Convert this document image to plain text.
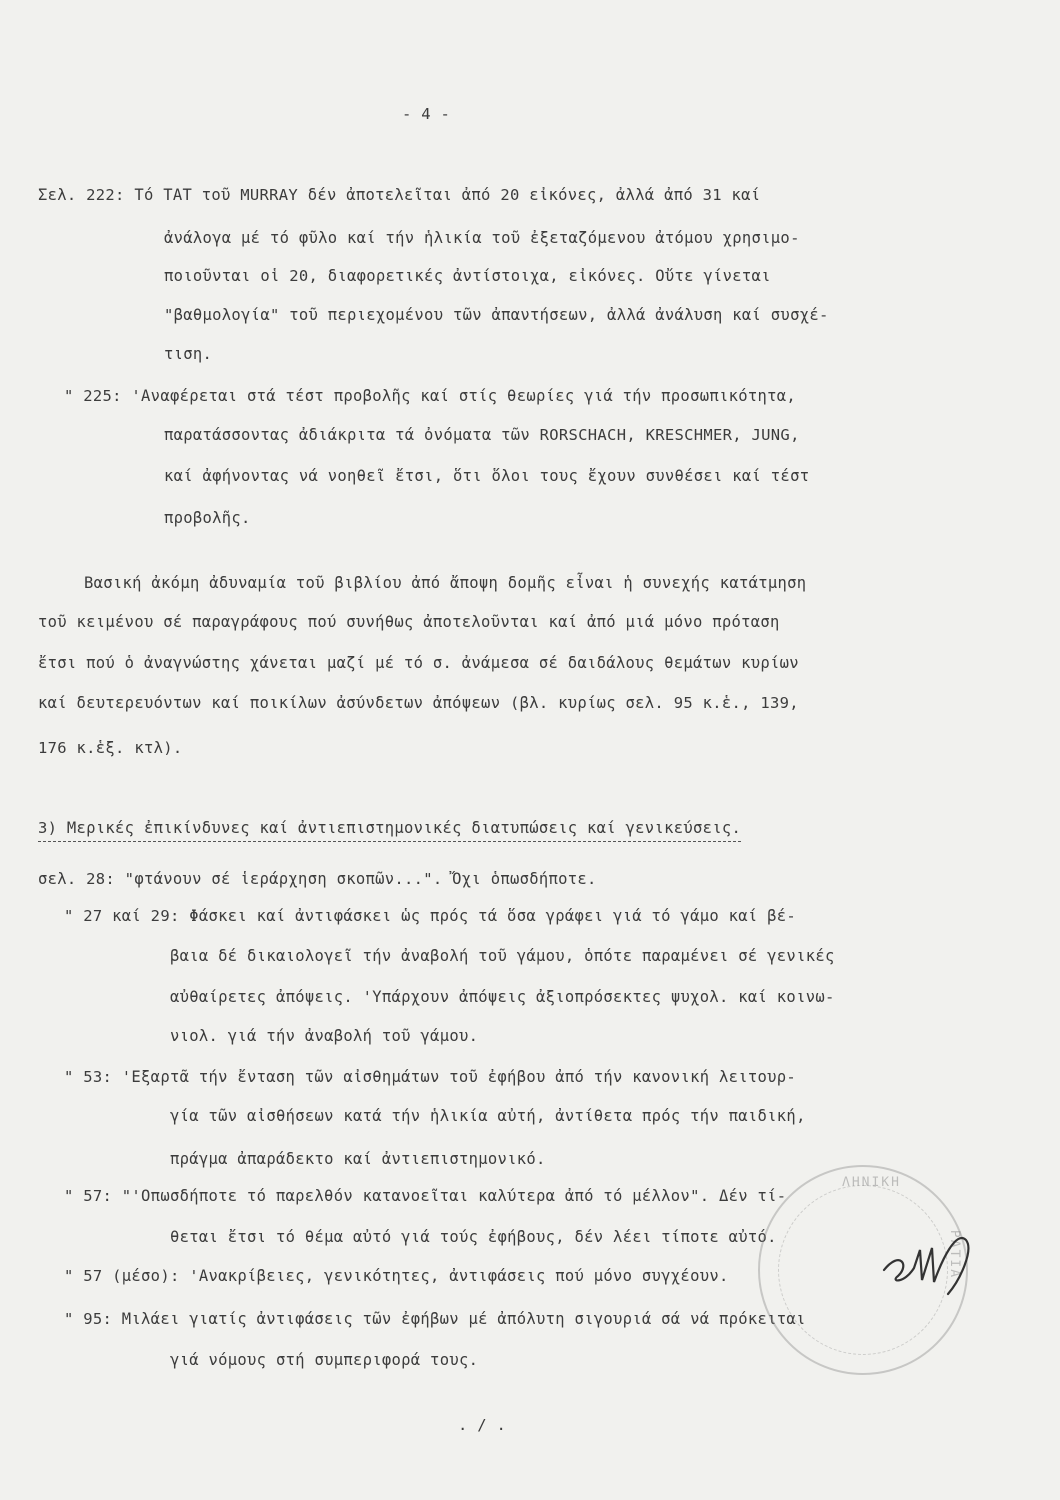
- 4 -
Σελ. 222: Τό ΤΑΤ τοῦ MURRAY δέν ἀποτελεῖται ἀπό 20 εἰκόνες, ἀλλά ἀπό 31 καί
ἀνάλογα μέ τό φῦλο καί τήν ἡλικία τοῦ ἐξεταζόμενου ἀτόμου χρησιμο-
ποιοῦνται οἱ 20, διαφορετικές ἀντίστοιχα, εἰκόνες. Οὔτε γίνεται
"βαθμολογία" τοῦ περιεχομένου τῶν ἀπαντήσεων, ἀλλά ἀνάλυση καί συσχέ-
τιση.
" 225: 'Αναφέρεται στά τέστ προβολῆς καί στίς θεωρίες γιά τήν προσωπικότητα,
παρατάσσοντας ἀδιάκριτα τά ὀνόματα τῶν RORSCHACH, KRESCHMER, JUNG,
καί ἀφήνοντας νά νοηθεῖ ἔτσι, ὅτι ὅλοι τους ἔχουν συνθέσει καί τέστ
προβολῆς.
Βασική ἀκόμη ἀδυναμία τοῦ βιβλίου ἀπό ἄποψη δομῆς εἶναι ἡ συνεχής κατάτμηση
τοῦ κειμένου σέ παραγράφους πού συνήθως ἀποτελοῦνται καί ἀπό μιά μόνο πρόταση
ἔτσι πού ὁ ἀναγνώστης χάνεται μαζί μέ τό σ. ἀνάμεσα σέ δαιδάλους θεμάτων κυρίων
καί δευτερευόντων καί ποικίλων ἀσύνδετων ἀπόψεων (βλ. κυρίως σελ. 95 κ.ἑ., 139,
176 κ.ἑξ. κτλ).
3) Μερικές ἐπικίνδυνες καί ἀντιεπιστημονικές διατυπώσεις καί γενικεύσεις.
σελ. 28: "φτάνουν σέ ἱεράρχηση σκοπῶν...". Ὄχι ὁπωσδήποτε.
" 27 καί 29: Φάσκει καί ἀντιφάσκει ὡς πρός τά ὅσα γράφει γιά τό γάμο καί βέ-
βαια δέ δικαιολογεῖ τήν ἀναβολή τοῦ γάμου, ὁπότε παραμένει σέ γενικές
αὐθαίρετες ἀπόψεις. 'Υπάρχουν ἀπόψεις ἀξιοπρόσεκτες ψυχολ. καί κοινω-
νιολ. γιά τήν ἀναβολή τοῦ γάμου.
" 53: 'Εξαρτᾶ τήν ἔνταση τῶν αἰσθημάτων τοῦ ἐφήβου ἀπό τήν κανονική λειτουρ-
γία τῶν αἰσθήσεων κατά τήν ἡλικία αὐτή, ἀντίθετα πρός τήν παιδική,
πράγμα ἀπαράδεκτο καί ἀντιεπιστημονικό.
" 57: "'Οπωσδήποτε τό παρελθόν κατανοεῖται καλύτερα ἀπό τό μέλλον". Δέν τί-
θεται ἔτσι τό θέμα αὐτό γιά τούς ἐφήβους, δέν λέει τίποτε αὐτό.
" 57 (μέσο): 'Ανακρίβειες, γενικότητες, ἀντιφάσεις πού μόνο συγχέουν.
" 95: Μιλάει γιατίς ἀντιφάσεις τῶν ἐφήβων μέ ἀπόλυτη σιγουριά σά νά πρόκειται
γιά νόμους στή συμπεριφορά τους.
. / .
ΛΗΝΙΚΗ
ΡΑΤΙΑ
